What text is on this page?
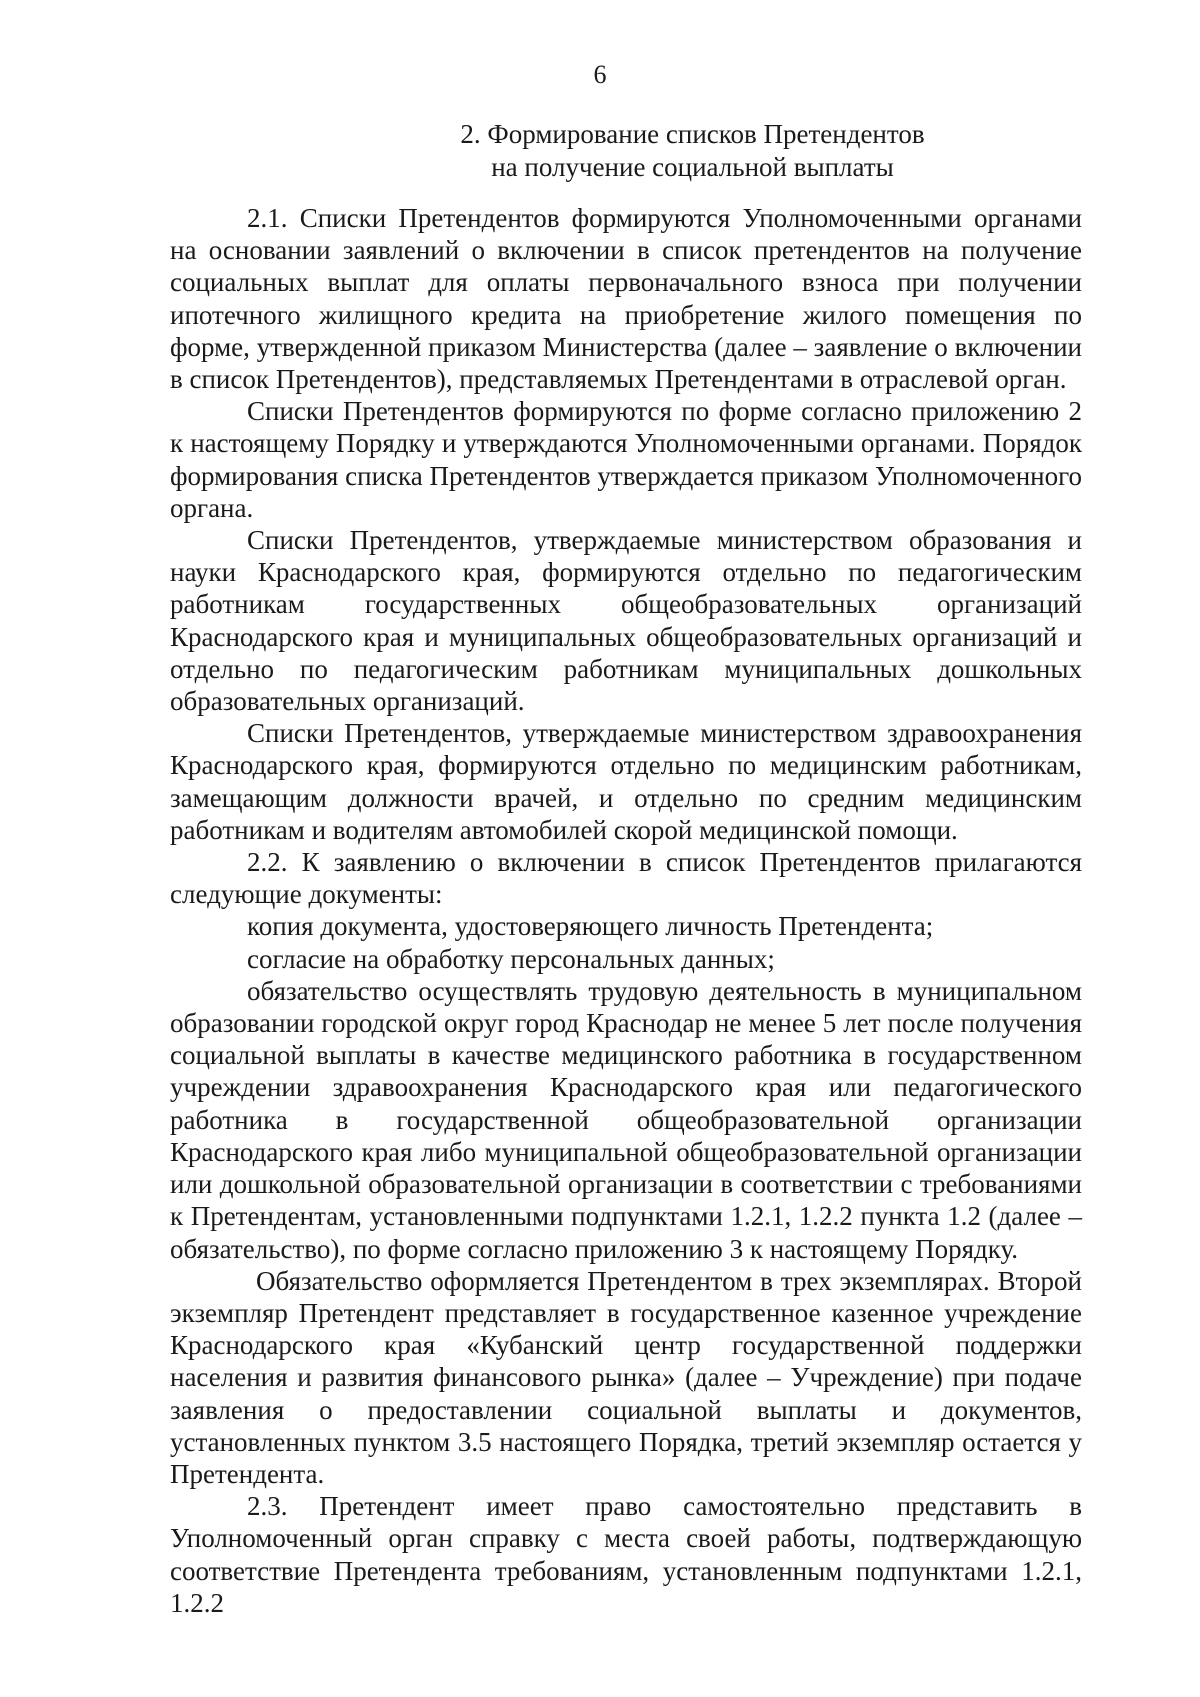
6
2. Формирование списков Претендентов
на получение социальной выплаты

2.1. Списки Претендентов формируются Уполномоченными органами на основании заявлений о включении в список претендентов на получение социальных выплат для оплаты первоначального взноса при получении ипотечного жилищного кредита на приобретение жилого помещения по форме, утвержденной приказом Министерства (далее – заявление о включении в список Претендентов), представляемых Претендентами в отраслевой орган.

Списки Претендентов формируются по форме согласно приложению 2 к настоящему Порядку и утверждаются Уполномоченными органами. Порядок формирования списка Претендентов утверждается приказом Уполномоченного органа.

Списки Претендентов, утверждаемые министерством образования и науки Краснодарского края, формируются отдельно по педагогическим работникам государственных общеобразовательных организаций Краснодарского края и муниципальных общеобразовательных организаций и отдельно по педагогическим работникам муниципальных дошкольных образовательных организаций.

Списки Претендентов, утверждаемые министерством здравоохранения Краснодарского края, формируются отдельно по медицинским работникам, замещающим должности врачей, и отдельно по средним медицинским работникам и водителям автомобилей скорой медицинской помощи.

2.2. К заявлению о включении в список Претендентов прилагаются следующие документы:

копия документа, удостоверяющего личность Претендента;

согласие на обработку персональных данных;

обязательство осуществлять трудовую деятельность в муниципальном образовании городской округ город Краснодар не менее 5 лет после получения социальной выплаты в качестве медицинского работника в государственном учреждении здравоохранения Краснодарского края или педагогического работника в государственной общеобразовательной организации Краснодарского края либо муниципальной общеобразовательной организации или дошкольной образовательной организации в соответствии с требованиями к Претендентам, установленными подпунктами 1.2.1, 1.2.2 пункта 1.2 (далее – обязательство), по форме согласно приложению 3 к настоящему Порядку.

Обязательство оформляется Претендентом в трех экземплярах. Второй экземпляр Претендент представляет в государственное казенное учреждение Краснодарского края «Кубанский центр государственной поддержки населения и развития финансового рынка» (далее – Учреждение) при подаче заявления о предоставлении социальной выплаты и документов, установленных пунктом 3.5 настоящего Порядка, третий экземпляр остается у Претендента.

2.3. Претендент имеет право самостоятельно представить в Уполномоченный орган справку с места своей работы, подтверждающую соответствие Претендента требованиям, установленным подпунктами 1.2.1, 1.2.2
